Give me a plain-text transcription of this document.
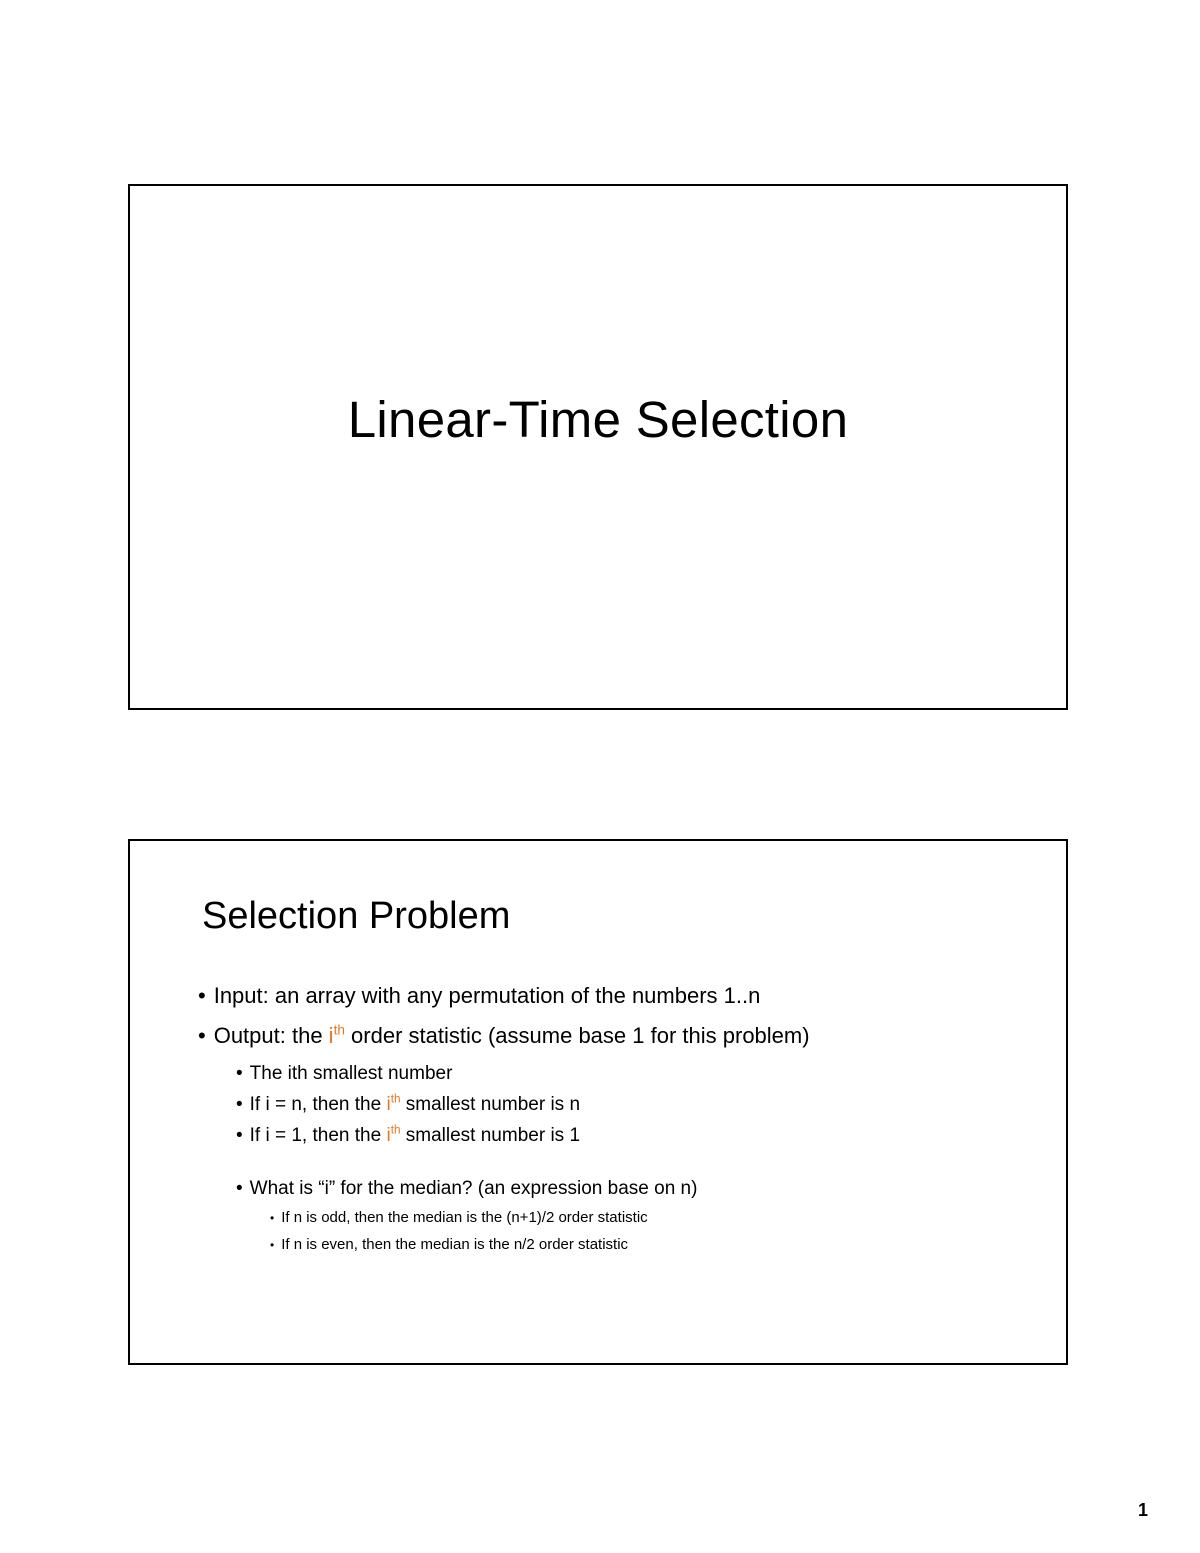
Linear-Time Selection
Selection Problem
• Input: an array with any permutation of the numbers 1..n
• Output: the $i^{th}$ order statistic (assume base 1 for this problem)
• The ith smallest number
• If i = n, then the $i^{th}$ smallest number is n
• If i = 1, then the $i^{th}$ smallest number is 1
• What is “i” for the median? (an expression base on n)
• If n is odd, then the median is the (n+1)/2 order statistic
• If n is even, then the median is the n/2 order statistic
1
